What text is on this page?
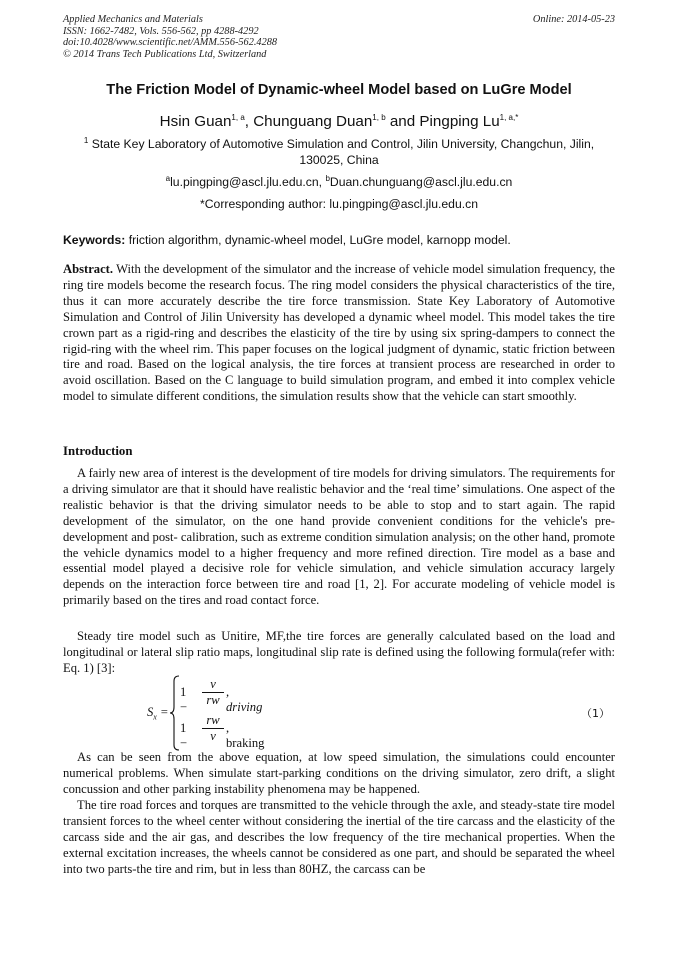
Applied Mechanics and Materials
ISSN: 1662-7482, Vols. 556-562, pp 4288-4292
doi:10.4028/www.scientific.net/AMM.556-562.4288
© 2014 Trans Tech Publications Ltd, Switzerland
Online: 2014-05-23
The Friction Model of Dynamic-wheel Model based on LuGre Model
Hsin Guan$^{1, a}$, Chunguang Duan$^{1, b}$ and Pingping $Lu^{1, a,*}$
$^1$ State Key Laboratory of Automotive Simulation and Control, Jilin University, Changchun, Jilin, 130025, China
$^a$lu.pingping@ascl.jlu.edu.cn, $^b$Duan.chunguang@ascl.jlu.edu.cn
*Corresponding author: lu.pingping@ascl.jlu.edu.cn
Keywords: friction algorithm, dynamic-wheel model, LuGre model, karnopp model.
Abstract. With the development of the simulator and the increase of vehicle model simulation frequency, the ring tire models become the research focus. The ring model considers the physical characteristics of the tire, thus it can more accurately describe the tire force transmission. State Key Laboratory of Automotive Simulation and Control of Jilin University has developed a dynamic wheel model. This model takes the tire crown part as a rigid-ring and describes the elasticity of the tire by using six spring-dampers to connect the rigid-ring with the wheel rim. This paper focuses on the logical judgment of dynamic, static friction between tire and road. Based on the logical analysis, the tire forces at transient process are researched in order to avoid oscillation. Based on the C language to build simulation program, and embed it into complex vehicle model to simulate different conditions, the simulation results show that the vehicle can start smoothly.
Introduction
A fairly new area of interest is the development of tire models for driving simulators. The requirements for a driving simulator are that it should have realistic behavior and the ‘real time’ simulations. One aspect of the realistic behavior is that the driving simulator needs to be able to stop and to start again. The rapid development of the simulator, on the one hand provide convenient conditions for the vehicle's pre-development and post- calibration, such as extreme condition simulation analysis; on the other hand, promote the vehicle dynamics model to a higher frequency and more refined direction. Tire model as a base and essential model played a decisive role for vehicle simulation, and vehicle simulation accuracy largely depends on the interaction force between tire and road [1, 2]. For accurate modeling of vehicle model is primarily based on the tires and road contact force.
Steady tire model such as Unitire, MF,the tire forces are generally calculated based on the load and longitudinal or lateral slip ratio maps, longitudinal slip rate is defined using the following formula(refer with: Eq. 1) [3]:
$S_x$ =
$1 - \frac{v}{rw}$ , driving
$1 - \frac{rw}{v}$ , braking
（1）
As can be seen from the above equation, at low speed simulation, the simulations could encounter numerical problems. When simulate start-parking conditions on the driving simulator, zero drift, a slight concussion and other parking instability phenomena may be happened.
The tire road forces and torques are transmitted to the vehicle through the axle, and steady-state tire model transient forces to the wheel center without considering the inertial of the tire carcass and the elasticity of the carcass side and the air gas, and describes the low frequency of the tire mechanical properties. When the external excitation increases, the wheels cannot be considered as one part, and should be separated the wheel into two parts-the tire and rim, but in less than 80HZ, the carcass can be
